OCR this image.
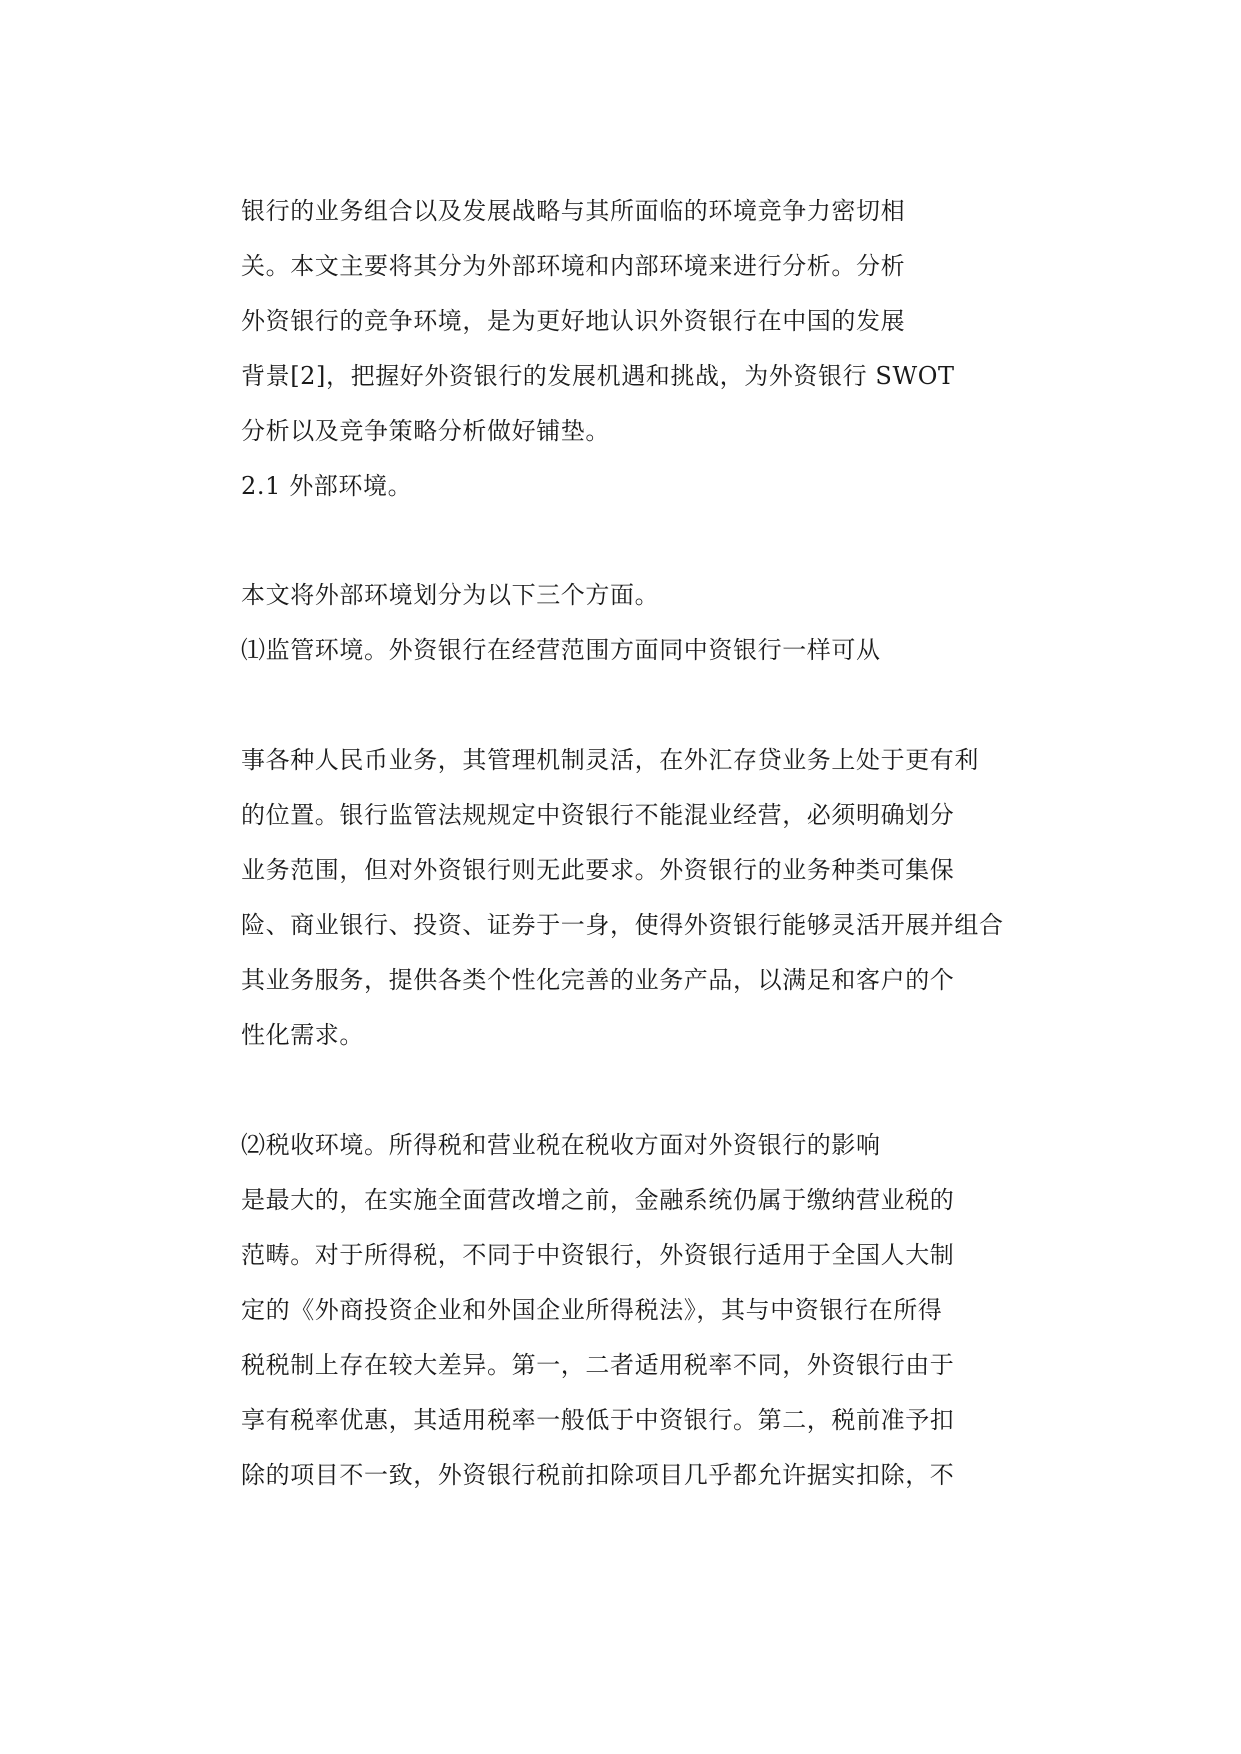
银行的业务组合以及发展战略与其所面临的环境竞争力密切相

关。本文主要将其分为外部环境和内部环境来进行分析。分析

外资银行的竞争环境，是为更好地认识外资银行在中国的发展

背景[2]，把握好外资银行的发展机遇和挑战，为外资银行 SWOT

分析以及竞争策略分析做好铺垫。

2.1 外部环境。

本文将外部环境划分为以下三个方面。

⑴监管环境。外资银行在经营范围方面同中资银行一样可从

事各种人民币业务，其管理机制灵活，在外汇存贷业务上处于更有利

的位置。银行监管法规规定中资银行不能混业经营，必须明确划分

业务范围，但对外资银行则无此要求。外资银行的业务种类可集保

险、商业银行、投资、证券于一身，使得外资银行能够灵活开展并组合

其业务服务，提供各类个性化完善的业务产品，以满足和客户的个

性化需求。

⑵税收环境。所得税和营业税在税收方面对外资银行的影响

是最大的，在实施全面营改增之前，金融系统仍属于缴纳营业税的

范畴。对于所得税，不同于中资银行，外资银行适用于全国人大制

定的《外商投资企业和外国企业所得税法》，其与中资银行在所得

税税制上存在较大差异。第一，二者适用税率不同，外资银行由于

享有税率优惠，其适用税率一般低于中资银行。第二，税前准予扣

除的项目不一致，外资银行税前扣除项目几乎都允许据实扣除，不
